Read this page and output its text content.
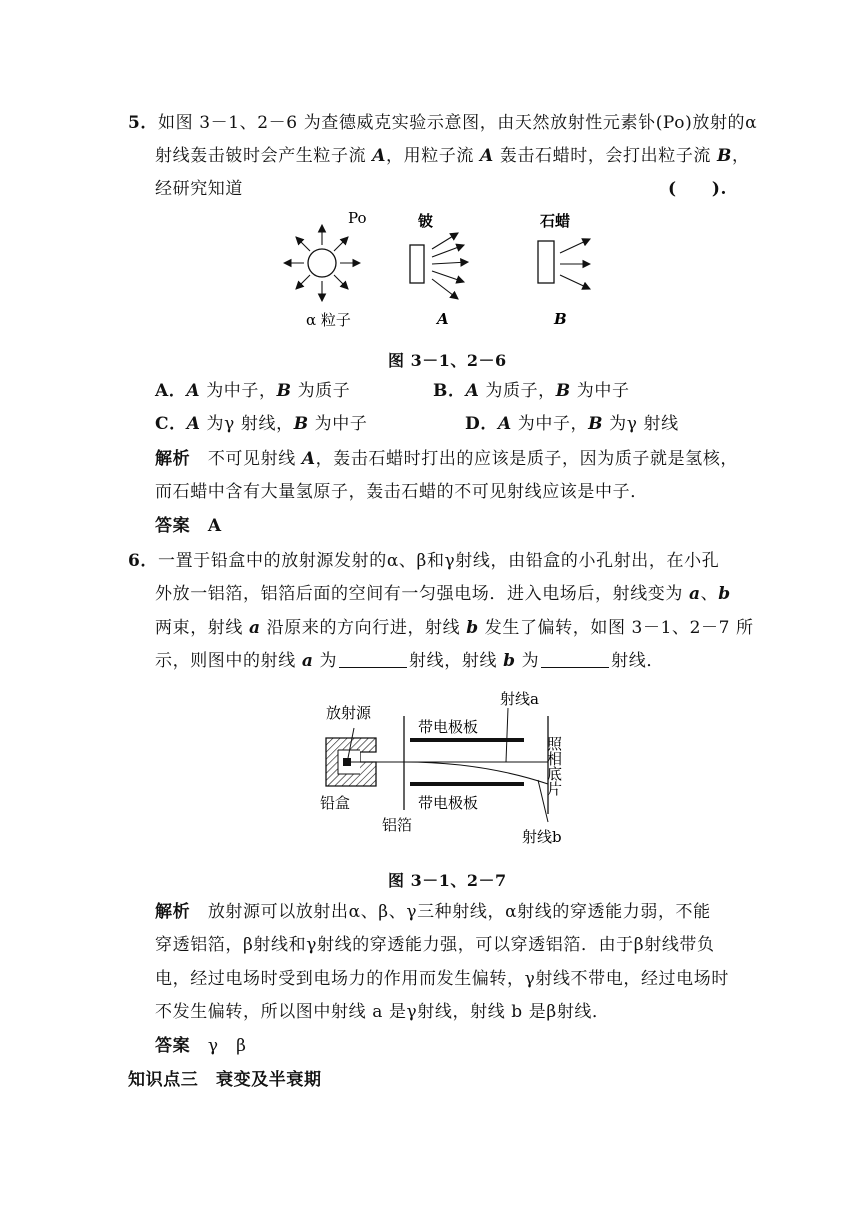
5．如图 3－1、2－6 为查德威克实验示意图，由天然放射性元素钋(Po)放射的α
射线轰击铍时会产生粒子流 A，用粒子流 A 轰击石蜡时，会打出粒子流 B，
经研究知道	(　　).
Po
α 粒子
铍
A
石蜡
B
图 3－1、2－6
A．A 为中子，B 为质子	B．A 为质子，B 为中子
C．A 为γ 射线，B 为中子	D．A 为中子，B 为γ 射线
解析　 不可见射线 A，轰击石蜡时打出的应该是质子，因为质子就是氢核，
而石蜡中含有大量氢原子，轰击石蜡的不可见射线应该是中子．
答案　 A
6．一置于铅盒中的放射源发射的α、β和γ射线，由铅盒的小孔射出，在小孔
外放一铝箔，铝箔后面的空间有一匀强电场．进入电场后，射线变为 a、b
两束，射线 a 沿原来的方向行进，射线 b 发生了偏转，如图 3－1、2－7 所
示，则图中的射线 a 为	射线，射线 b 为	射线．
放射源
带电极板
带电极板
射线a
射线b
铅盒
铝箔
照相底片
图 3－1、2－7
解析　 放射源可以放射出α、β、γ三种射线，α射线的穿透能力弱，不能
穿透铝箔，β射线和γ射线的穿透能力强，可以穿透铝箔．由于β射线带负
电，经过电场时受到电场力的作用而发生偏转，γ射线不带电，经过电场时
不发生偏转，所以图中射线 a 是γ射线，射线 b 是β射线．
答案　 γ　β
知识点三　衰变及半衰期
